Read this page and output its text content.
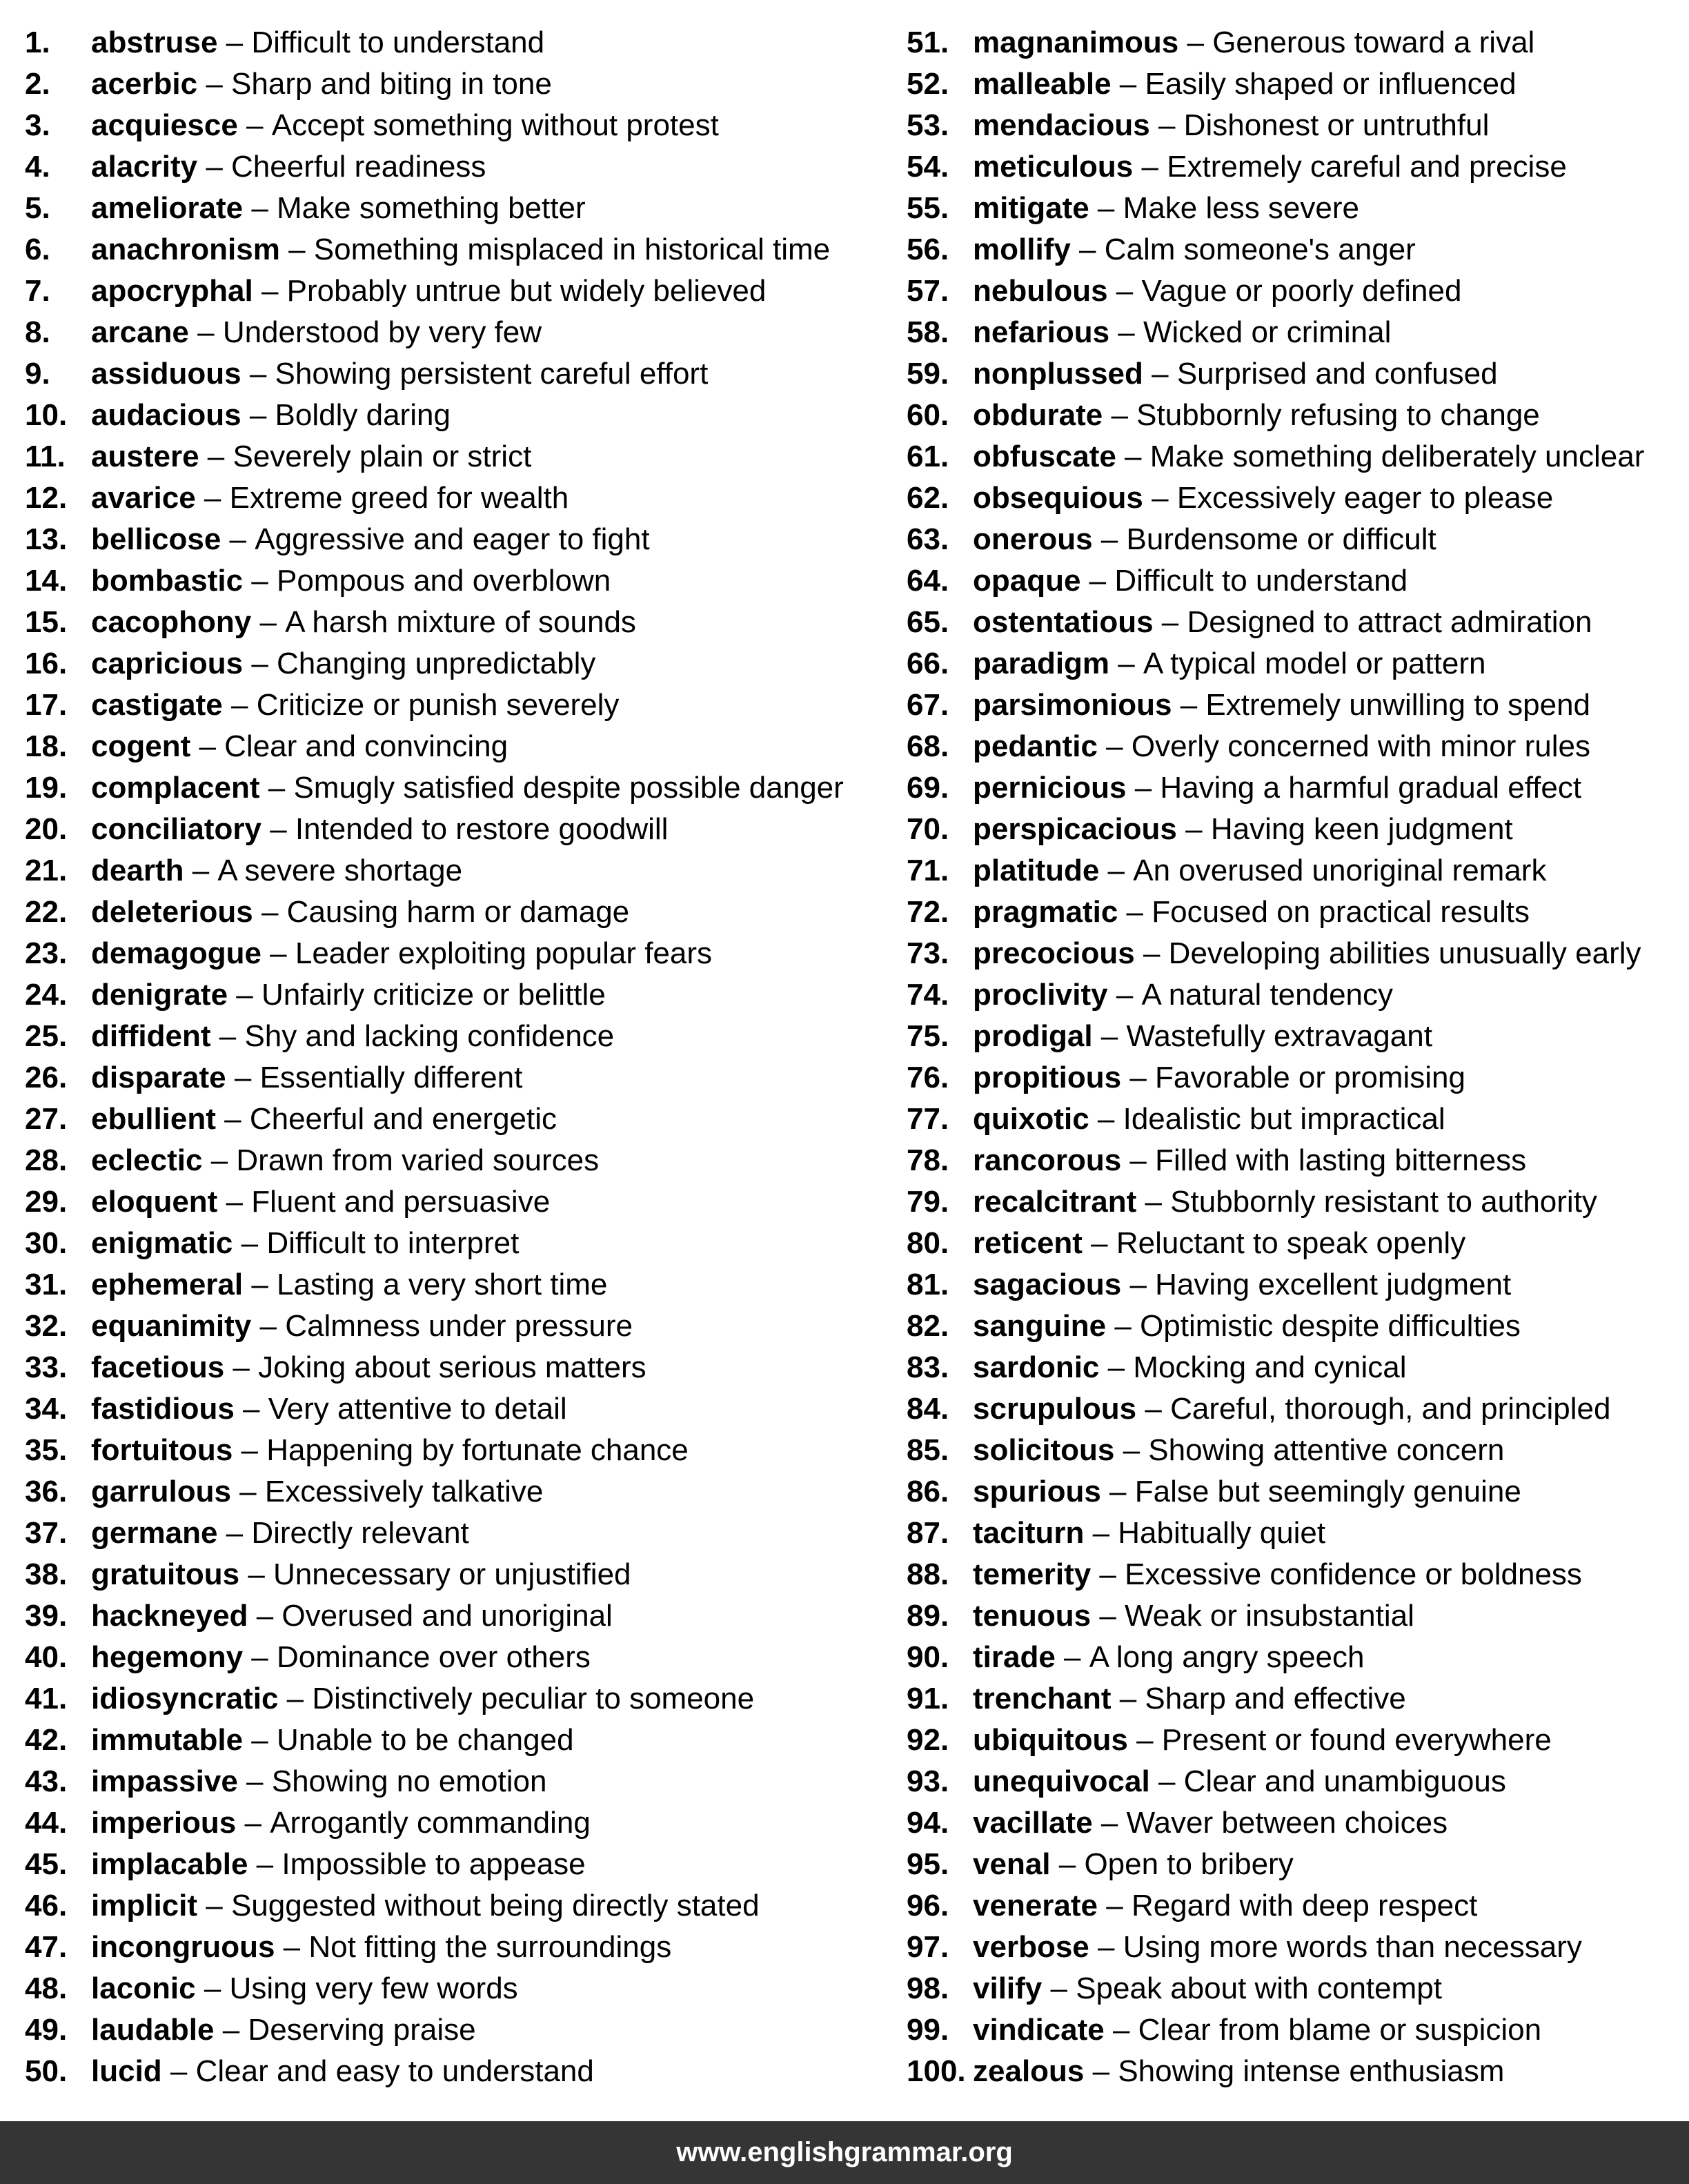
1.	abstruse – Difficult to understand
2.	acerbic – Sharp and biting in tone
3.	acquiesce – Accept something without protest
4.	alacrity – Cheerful readiness
5.	ameliorate – Make something better
6.	anachronism – Something misplaced in historical time
7.	apocryphal – Probably untrue but widely believed
8.	arcane – Understood by very few
9.	assiduous – Showing persistent careful effort
10. audacious – Boldly daring
11. austere – Severely plain or strict
12. avarice – Extreme greed for wealth
13. bellicose – Aggressive and eager to fight
14. bombastic – Pompous and overblown
15. cacophony – A harsh mixture of sounds
16. capricious – Changing unpredictably
17. castigate – Criticize or punish severely
18. cogent – Clear and convincing
19. complacent – Smugly satisfied despite possible danger
20. conciliatory – Intended to restore goodwill
21. dearth – A severe shortage
22. deleterious – Causing harm or damage
23. demagogue – Leader exploiting popular fears
24. denigrate – Unfairly criticize or belittle
25. diffident – Shy and lacking confidence
26. disparate – Essentially different
27. ebullient – Cheerful and energetic
28. eclectic – Drawn from varied sources
29. eloquent – Fluent and persuasive
30. enigmatic – Difficult to interpret
31. ephemeral – Lasting a very short time
32. equanimity – Calmness under pressure
33. facetious – Joking about serious matters
34. fastidious – Very attentive to detail
35. fortuitous – Happening by fortunate chance
36. garrulous – Excessively talkative
37. germane – Directly relevant
38. gratuitous – Unnecessary or unjustified
39. hackneyed – Overused and unoriginal
40. hegemony – Dominance over others
41. idiosyncratic – Distinctively peculiar to someone
42. immutable – Unable to be changed
43. impassive – Showing no emotion
44. imperious – Arrogantly commanding
45. implacable – Impossible to appease
46. implicit – Suggested without being directly stated
47. incongruous – Not fitting the surroundings
48. laconic – Using very few words
49. laudable – Deserving praise
50. lucid – Clear and easy to understand
51. magnanimous – Generous toward a rival
52. malleable – Easily shaped or influenced
53. mendacious – Dishonest or untruthful
54. meticulous – Extremely careful and precise
55. mitigate – Make less severe
56. mollify – Calm someone's anger
57. nebulous – Vague or poorly defined
58. nefarious – Wicked or criminal
59. nonplussed – Surprised and confused
60. obdurate – Stubbornly refusing to change
61. obfuscate – Make something deliberately unclear
62. obsequious – Excessively eager to please
63. onerous – Burdensome or difficult
64. opaque – Difficult to understand
65. ostentatious – Designed to attract admiration
66. paradigm – A typical model or pattern
67. parsimonious – Extremely unwilling to spend
68. pedantic – Overly concerned with minor rules
69. pernicious – Having a harmful gradual effect
70. perspicacious – Having keen judgment
71. platitude – An overused unoriginal remark
72. pragmatic – Focused on practical results
73. precocious – Developing abilities unusually early
74. proclivity – A natural tendency
75. prodigal – Wastefully extravagant
76. propitious – Favorable or promising
77. quixotic – Idealistic but impractical
78. rancorous – Filled with lasting bitterness
79. recalcitrant – Stubbornly resistant to authority
80. reticent – Reluctant to speak openly
81. sagacious – Having excellent judgment
82. sanguine – Optimistic despite difficulties
83. sardonic – Mocking and cynical
84. scrupulous – Careful, thorough, and principled
85. solicitous – Showing attentive concern
86. spurious – False but seemingly genuine
87. taciturn – Habitually quiet
88. temerity – Excessive confidence or boldness
89. tenuous – Weak or insubstantial
90. tirade – A long angry speech
91. trenchant – Sharp and effective
92. ubiquitous – Present or found everywhere
93. unequivocal – Clear and unambiguous
94. vacillate – Waver between choices
95. venal – Open to bribery
96. venerate – Regard with deep respect
97. verbose – Using more words than necessary
98. vilify – Speak about with contempt
99. vindicate – Clear from blame or suspicion
100. zealous – Showing intense enthusiasm
www.englishgrammar.org
